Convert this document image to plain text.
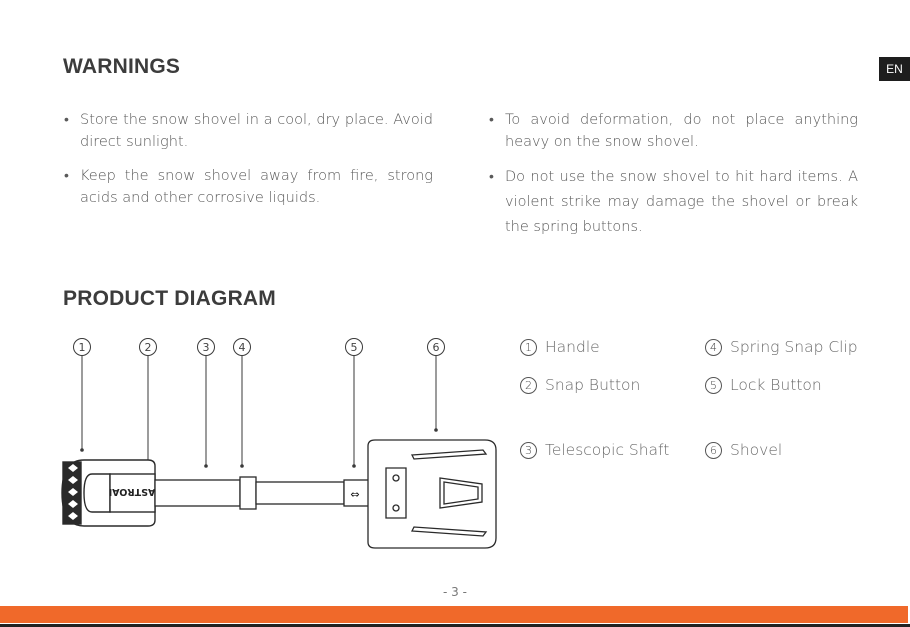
WARNINGS	EN

• Store the snow shovel in a cool, dry place. Avoid direct sunlight.

• Keep the snow shovel away from fire, strong acids and other corrosive liquids.

• To avoid deformation, do not place anything heavy on the snow shovel.

• Do not use the snow shovel to hit hard items. A violent strike may damage the shovel or break the spring buttons.

PRODUCT DIAGRAM
1	2	3	4	5	6
ASTROAI	⇔
1 Handle	4 Spring Snap Clip
2 Snap Button	5 Lock Button
3 Telescopic Shaft	6 Shovel
- 3 -
